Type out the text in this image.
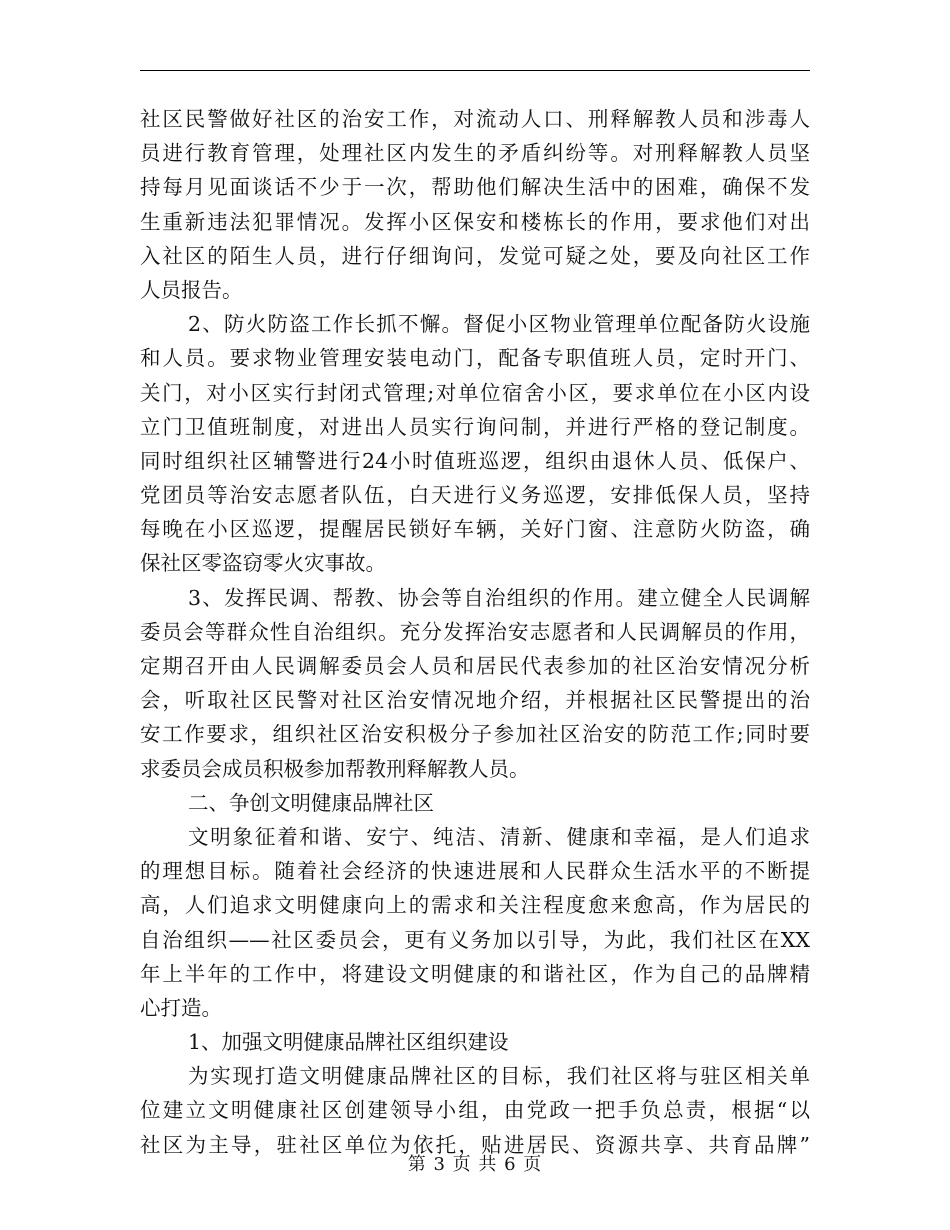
社区民警做好社区的治安工作，对流动人口、刑释解教人员和涉毒人
员进行教育管理，处理社区内发生的矛盾纠纷等。对刑释解教人员坚
持每月见面谈话不少于一次，帮助他们解决生活中的困难，确保不发
生重新违法犯罪情况。发挥小区保安和楼栋长的作用，要求他们对出
入社区的陌生人员，进行仔细询问，发觉可疑之处，要及向社区工作
人员报告。
2、防火防盗工作长抓不懈。督促小区物业管理单位配备防火设施
和人员。要求物业管理安装电动门，配备专职值班人员，定时开门、
关门，对小区实行封闭式管理;对单位宿舍小区，要求单位在小区内设
立门卫值班制度，对进出人员实行询问制，并进行严格的登记制度。
同时组织社区辅警进行24小时值班巡逻，组织由退休人员、低保户、
党团员等治安志愿者队伍，白天进行义务巡逻，安排低保人员，坚持
每晚在小区巡逻，提醒居民锁好车辆，关好门窗、注意防火防盗，确
保社区零盗窃零火灾事故。
3、发挥民调、帮教、协会等自治组织的作用。建立健全人民调解
委员会等群众性自治组织。充分发挥治安志愿者和人民调解员的作用，
定期召开由人民调解委员会人员和居民代表参加的社区治安情况分析
会，听取社区民警对社区治安情况地介绍，并根据社区民警提出的治
安工作要求，组织社区治安积极分子参加社区治安的防范工作;同时要
求委员会成员积极参加帮教刑释解教人员。
二、争创文明健康品牌社区
文明象征着和谐、安宁、纯洁、清新、健康和幸福，是人们追求
的理想目标。随着社会经济的快速进展和人民群众生活水平的不断提
高，人们追求文明健康向上的需求和关注程度愈来愈高，作为居民的
自治组织——社区委员会，更有义务加以引导，为此，我们社区在XX
年上半年的工作中，将建设文明健康的和谐社区，作为自己的品牌精
心打造。
1、加强文明健康品牌社区组织建设
为实现打造文明健康品牌社区的目标，我们社区将与驻区相关单
位建立文明健康社区创建领导小组，由党政一把手负总责，根据“以
社区为主导，驻社区单位为依托，贴进居民、资源共享、共育品牌”
第 3 页 共 6 页
